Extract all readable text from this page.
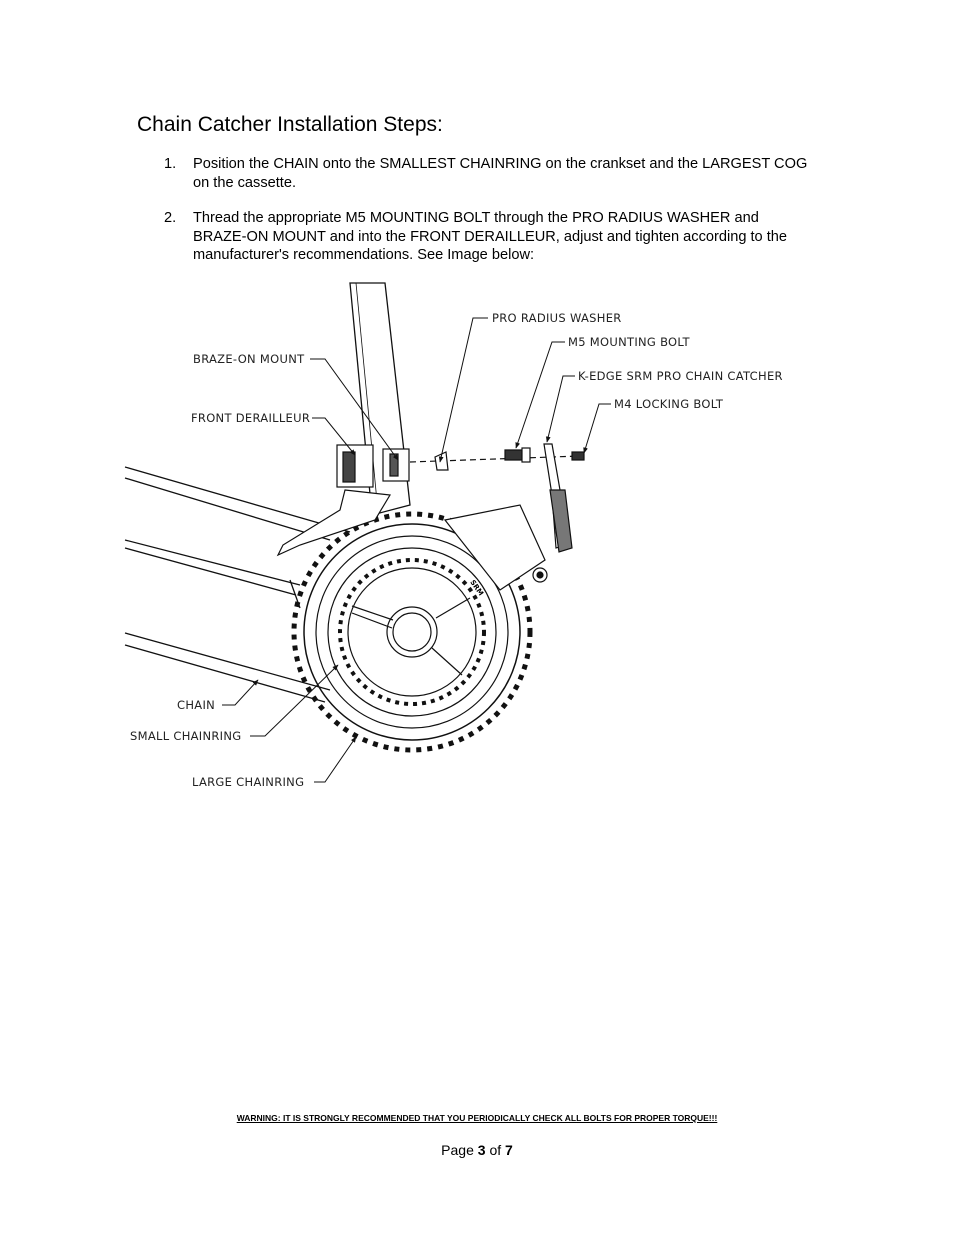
Chain Catcher Installation Steps:
1. Position the CHAIN onto the SMALLEST CHAINRING on the crankset and the LARGEST COG on the cassette.
2. Thread the appropriate M5 MOUNTING BOLT through the PRO RADIUS WASHER and BRAZE-ON MOUNT and into the FRONT DERAILLEUR, adjust and tighten according to the manufacturer's recommendations. See Image below:
SRM
PRO RADIUS WASHER
M5 MOUNTING BOLT
K-EDGE SRM PRO CHAIN CATCHER
M4 LOCKING BOLT
BRAZE-ON MOUNT
FRONT DERAILLEUR
CHAIN
SMALL CHAINRING
LARGE CHAINRING
WARNING: IT IS STRONGLY RECOMMENDED THAT YOU PERIODICALLY CHECK ALL BOLTS FOR PROPER TORQUE!!!
Page 3 of 7
